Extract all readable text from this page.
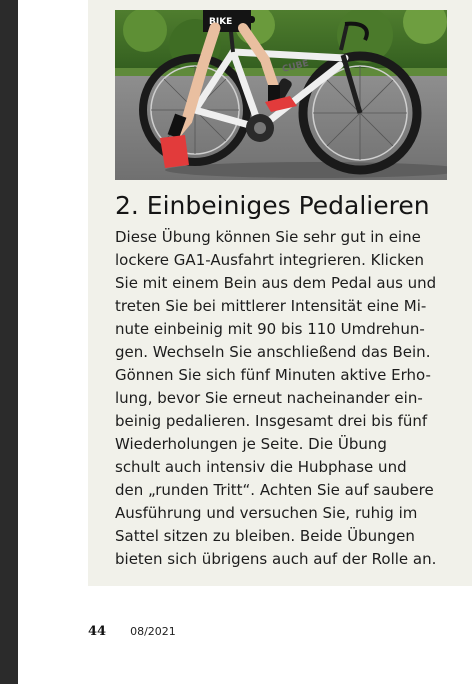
CUBE
BIKE
2. Einbeiniges Pedalieren

Diese Übung können Sie sehr gut in eine
lockere GA1-Ausfahrt integrieren. Klicken
Sie mit einem Bein aus dem Pedal aus und
treten Sie bei mittlerer Intensität eine Mi-
nute einbeinig mit 90 bis 110 Umdrehun-
gen. Wechseln Sie anschließend das Bein.
Gönnen Sie sich fünf Minuten aktive Erho-
lung, bevor Sie erneut nacheinander ein-
beinig pedalieren. Insgesamt drei bis fünf
Wiederholungen je Seite. Die Übung
schult auch intensiv die Hubphase und
den „runden Tritt“. Achten Sie auf saubere
Ausführung und versuchen Sie, ruhig im
Sattel sitzen zu bleiben. Beide Übungen
bieten sich übrigens auch auf der Rolle an.

44 08/2021
